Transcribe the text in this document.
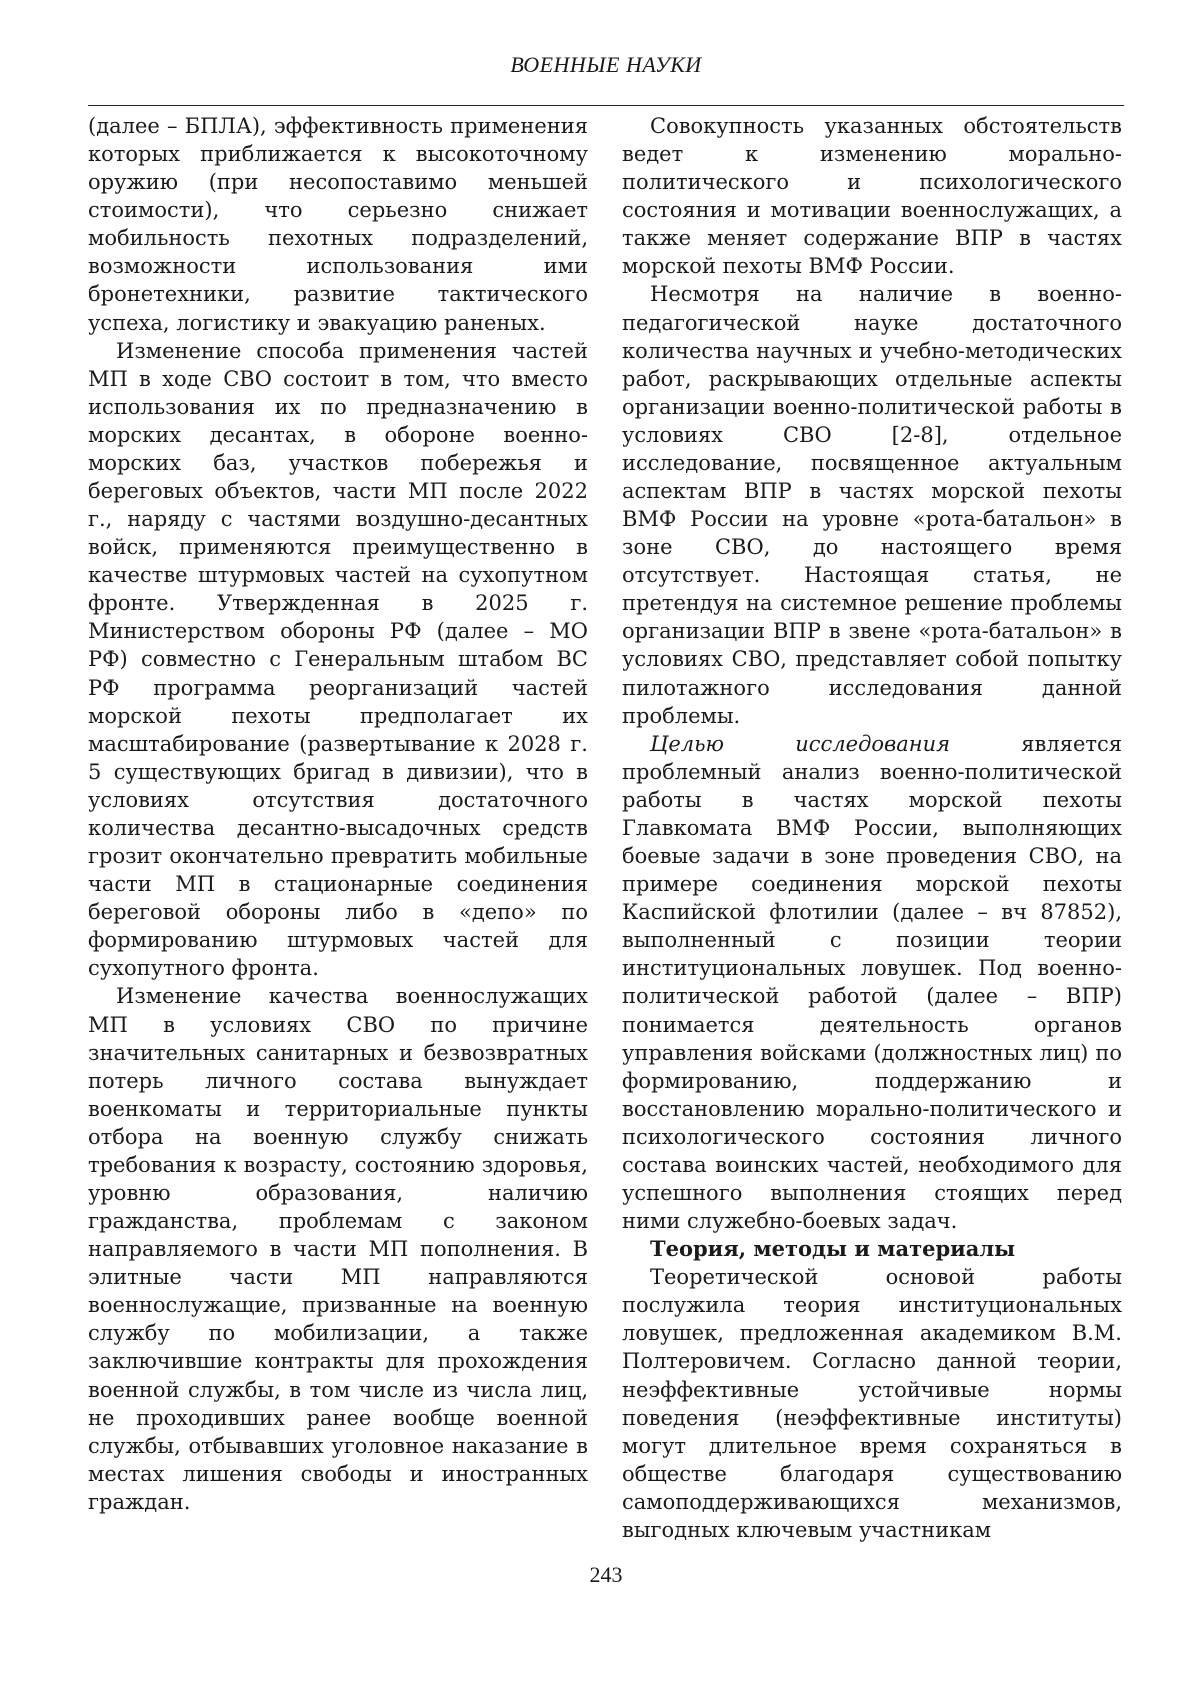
ВОЕННЫЕ НАУКИ

(далее – БПЛА), эффективность применения которых приближается к высокоточному оружию (при несопоставимо меньшей стоимости), что серьезно снижает мобильность пехотных подразделений, возможности использования ими бронетехники, развитие тактического успеха, логистику и эвакуацию раненых.

Изменение способа применения частей МП в ходе СВО состоит в том, что вместо использования их по предназначению в морских десантах, в обороне военно-морских баз, участков побережья и береговых объектов, части МП после 2022 г., наряду с частями воздушно-десантных войск, применяются преимущественно в качестве штурмовых частей на сухопутном фронте. Утвержденная в 2025 г. Министерством обороны РФ (далее – МО РФ) совместно с Генеральным штабом ВС РФ программа реорганизаций частей морской пехоты предполагает их масштабирование (развертывание к 2028 г. 5 существующих бригад в дивизии), что в условиях отсутствия достаточного количества десантно-высадочных средств грозит окончательно превратить мобильные части МП в стационарные соединения береговой обороны либо в «депо» по формированию штурмовых частей для сухопутного фронта.

Изменение качества военнослужащих МП в условиях СВО по причине значительных санитарных и безвозвратных потерь личного состава вынуждает военкоматы и территориальные пункты отбора на военную службу снижать требования к возрасту, состоянию здоровья, уровню образования, наличию гражданства, проблемам с законом направляемого в части МП пополнения. В элитные части МП направляются военнослужащие, призванные на военную службу по мобилизации, а также заключившие контракты для прохождения военной службы, в том числе из числа лиц, не проходивших ранее вообще военной службы, отбывавших уголовное наказание в местах лишения свободы и иностранных граждан.

Совокупность указанных обстоятельств ведет к изменению морально-политического и психологического состояния и мотивации военнослужащих, а также меняет содержание ВПР в частях морской пехоты ВМФ России.

Несмотря на наличие в военно-педагогической науке достаточного количества научных и учебно-методических работ, раскрывающих отдельные аспекты организации военно-политической работы в условиях СВО [2-8], отдельное исследование, посвященное актуальным аспектам ВПР в частях морской пехоты ВМФ России на уровне «рота-батальон» в зоне СВО, до настоящего время отсутствует. Настоящая статья, не претендуя на системное решение проблемы организации ВПР в звене «рота-батальон» в условиях СВО, представляет собой попытку пилотажного исследования данной проблемы.

Целью исследования является проблемный анализ военно-политической работы в частях морской пехоты Главкомата ВМФ России, выполняющих боевые задачи в зоне проведения СВО, на примере соединения морской пехоты Каспийской флотилии (далее – вч 87852), выполненный с позиции теории институциональных ловушек. Под военно-политической работой (далее – ВПР) понимается деятельность органов управления войсками (должностных лиц) по формированию, поддержанию и восстановлению морально-политического и психологического состояния личного состава воинских частей, необходимого для успешного выполнения стоящих перед ними служебно-боевых задач.

Теория, методы и материалы

Теоретической основой работы послужила теория институциональных ловушек, предложенная академиком В.М. Полтеровичем. Согласно данной теории, неэффективные устойчивые нормы поведения (неэффективные институты) могут длительное время сохраняться в обществе благодаря существованию самоподдерживающихся механизмов, выгодных ключевым участникам

243
